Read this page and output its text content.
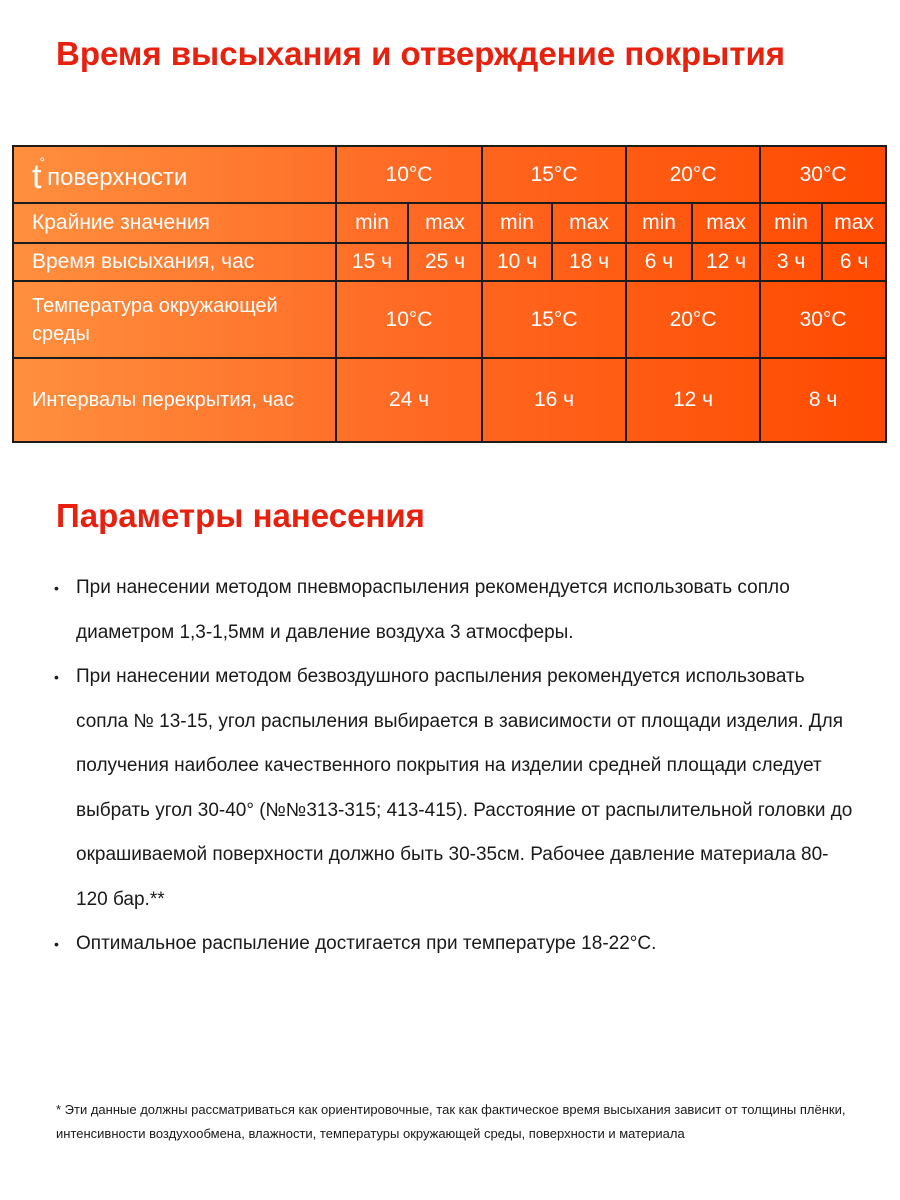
Время высыхания и отверждение покрытия
t°поверхности	10°C		15°C		20°C		30°C	
Крайние значения	min	max	min	max	min	max	min	max
Время высыхания, час	15 ч	25 ч	10 ч	18 ч	6 ч	12 ч	3 ч	6 ч
Температура окружающей среды	10°C		15°C		20°C		30°C	
Интервалы перекрытия, час	24 ч		16 ч		12 ч		8 ч	
Параметры нанесения
• При нанесении методом пневмораспыления рекомендуется использовать сопло диаметром 1,3-1,5мм и давление воздуха 3 атмосферы.
• При нанесении методом безвоздушного распыления рекомендуется использовать сопла № 13-15, угол распыления выбирается в зависимости от площади изделия. Для получения наиболее качественного покрытия на изделии средней площади следует выбрать угол 30-40° (№№313-315; 413-415). Расстояние от распылительной головки до окрашиваемой поверхности должно быть 30-35см. Рабочее давление материала 80-120 бар.**
• Оптимальное распыление достигается при температуре 18-22°С.

* Эти данные должны рассматриваться как ориентировочные, так как фактическое время высыхания зависит от толщины плёнки, интенсивности воздухообмена, влажности, температуры окружающей среды, поверхности и материала
